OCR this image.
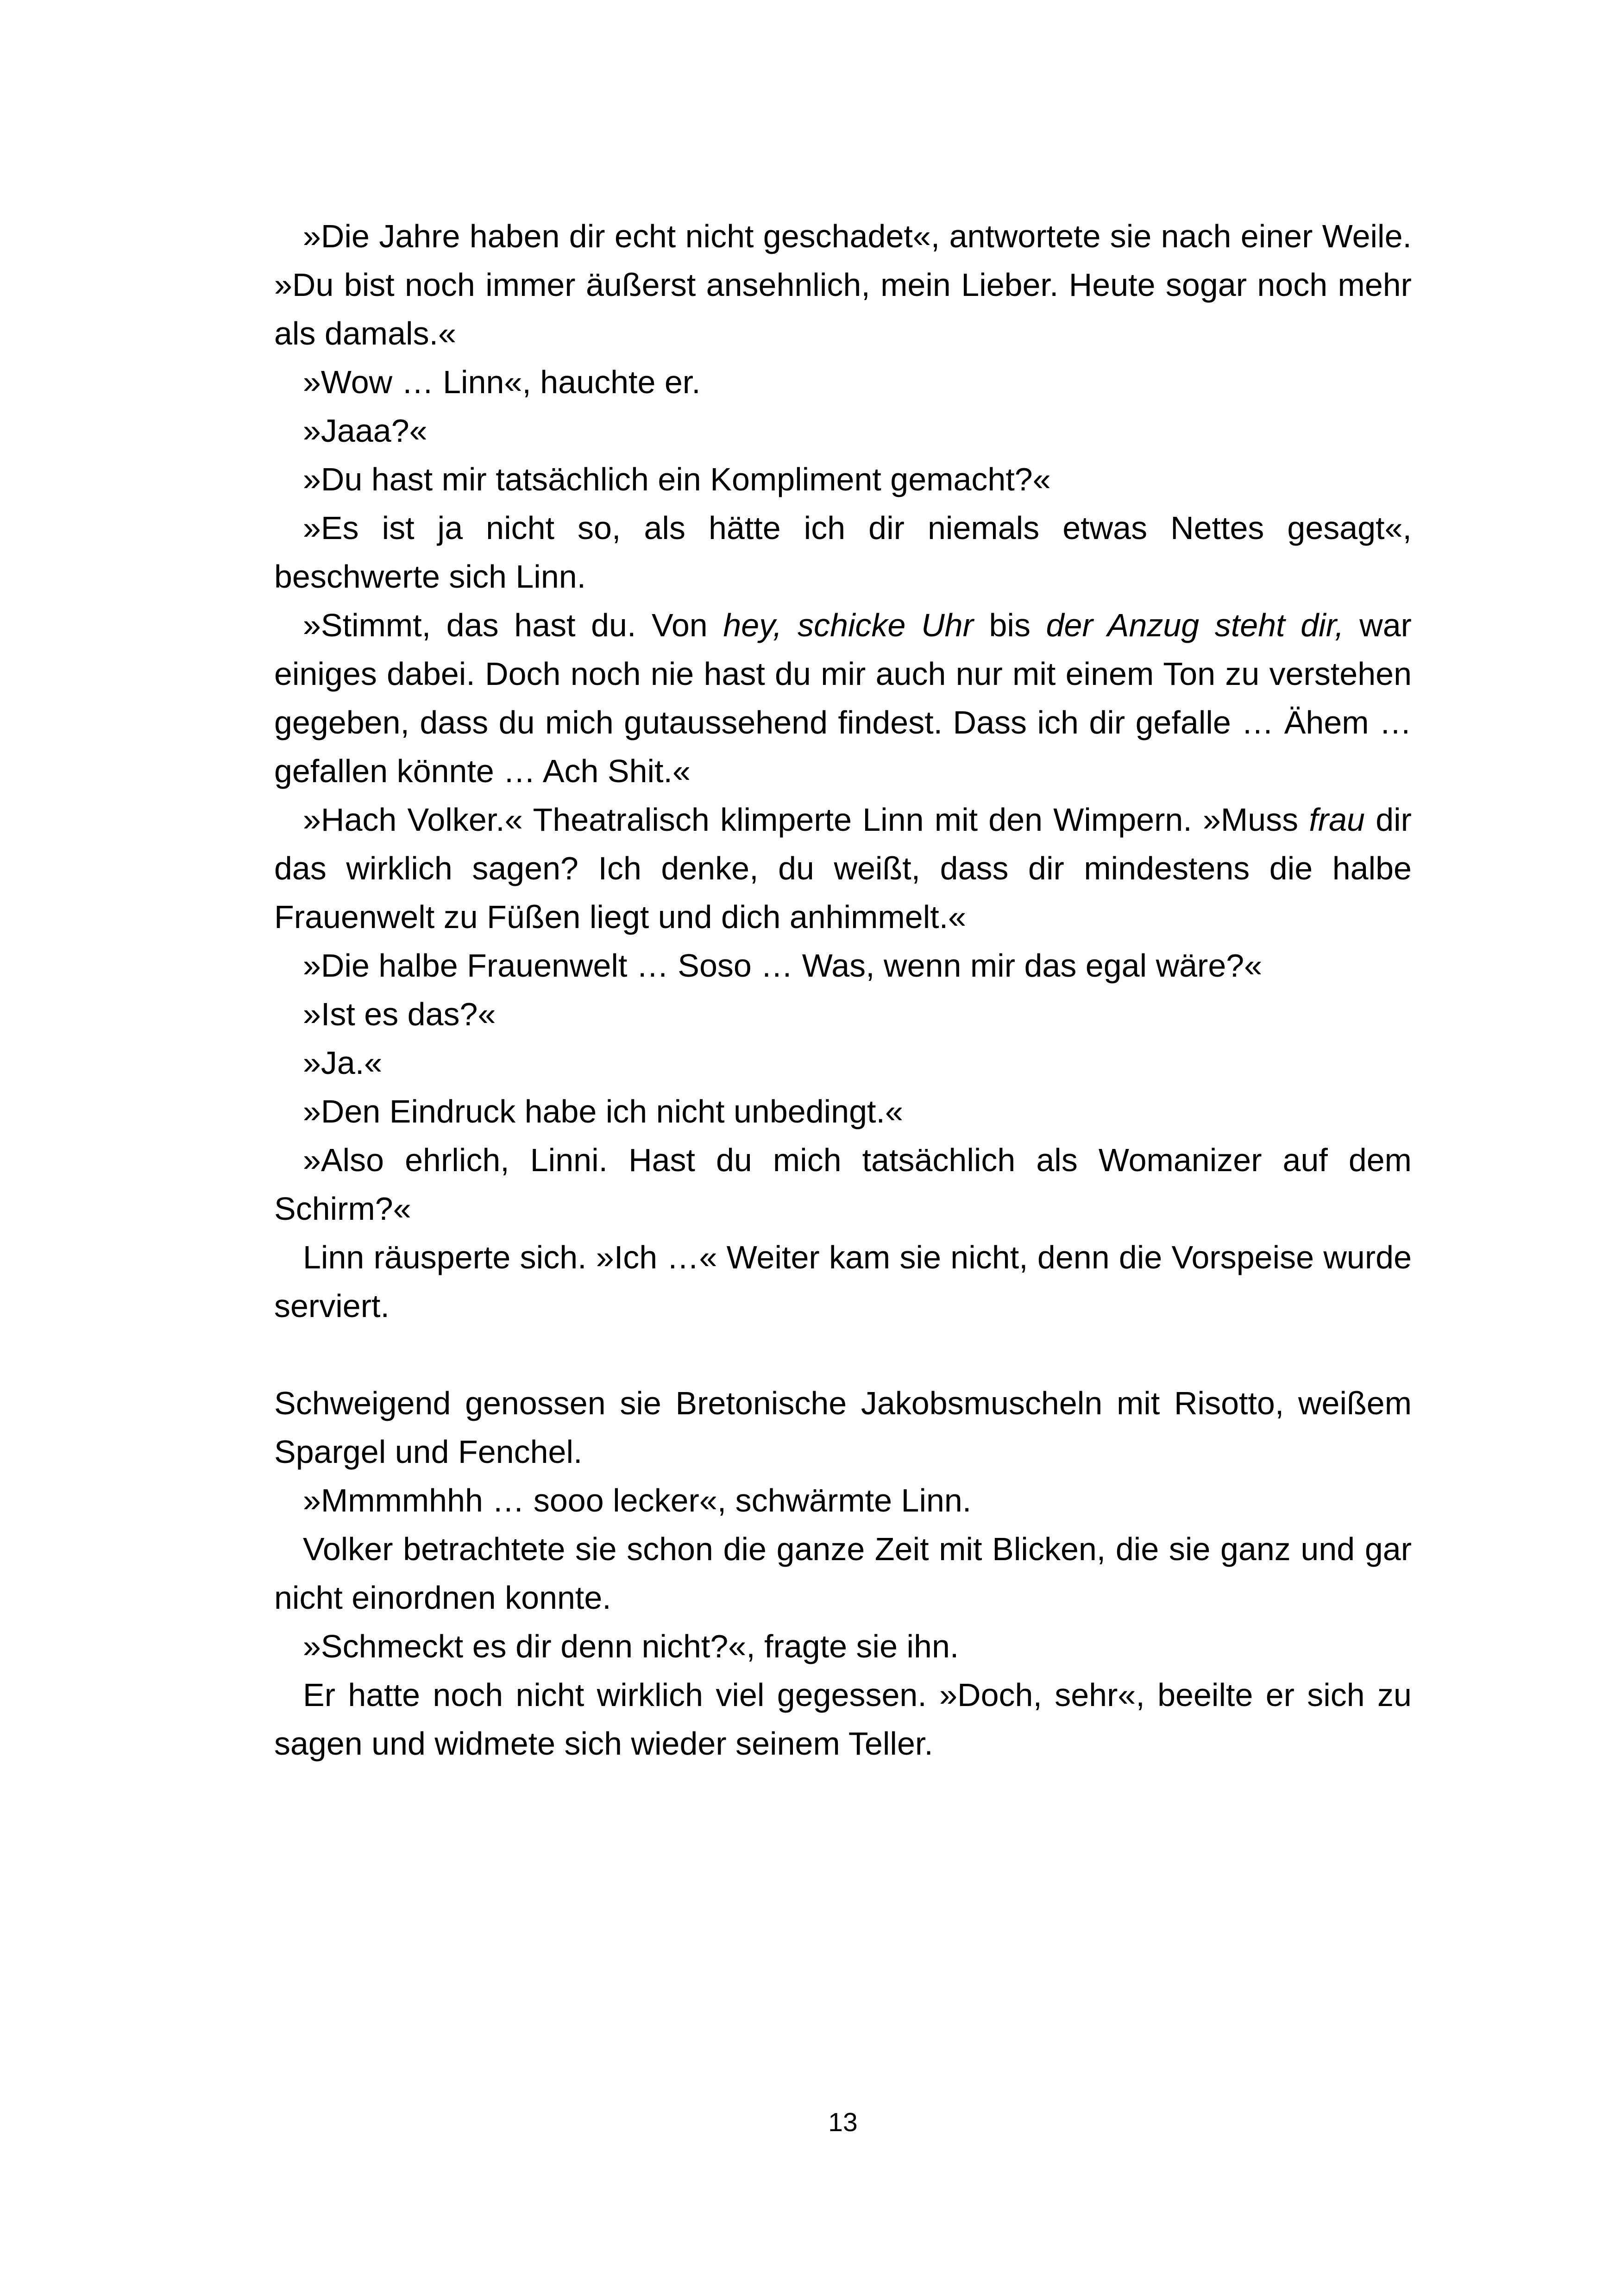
»Die Jahre haben dir echt nicht geschadet«, antwortete sie nach einer Weile. »Du bist noch immer äußerst ansehnlich, mein Lieber. Heute sogar noch mehr als damals.«

»Wow … Linn«, hauchte er.

»Jaaa?«

»Du hast mir tatsächlich ein Kompliment gemacht?«

»Es ist ja nicht so, als hätte ich dir niemals etwas Nettes gesagt«, beschwerte sich Linn.

»Stimmt, das hast du. Von hey, schicke Uhr bis der Anzug steht dir, war einiges dabei. Doch noch nie hast du mir auch nur mit einem Ton zu verstehen gegeben, dass du mich gutaussehend findest. Dass ich dir gefalle … Ähem … gefallen könnte … Ach Shit.«

»Hach Volker.« Theatralisch klimperte Linn mit den Wimpern. »Muss frau dir das wirklich sagen? Ich denke, du weißt, dass dir mindestens die halbe Frauenwelt zu Füßen liegt und dich anhimmelt.«

»Die halbe Frauenwelt … Soso … Was, wenn mir das egal wäre?«

»Ist es das?«

»Ja.«

»Den Eindruck habe ich nicht unbedingt.«

»Also ehrlich, Linni. Hast du mich tatsächlich als Womanizer auf dem Schirm?«

Linn räusperte sich. »Ich …« Weiter kam sie nicht, denn die Vorspeise wurde serviert.

Schweigend genossen sie Bretonische Jakobsmuscheln mit Risotto, weißem Spargel und Fenchel.

»Mmmmhhh … sooo lecker«, schwärmte Linn.

Volker betrachtete sie schon die ganze Zeit mit Blicken, die sie ganz und gar nicht einordnen konnte.

»Schmeckt es dir denn nicht?«, fragte sie ihn.

Er hatte noch nicht wirklich viel gegessen. »Doch, sehr«, beeilte er sich zu sagen und widmete sich wieder seinem Teller.

13
